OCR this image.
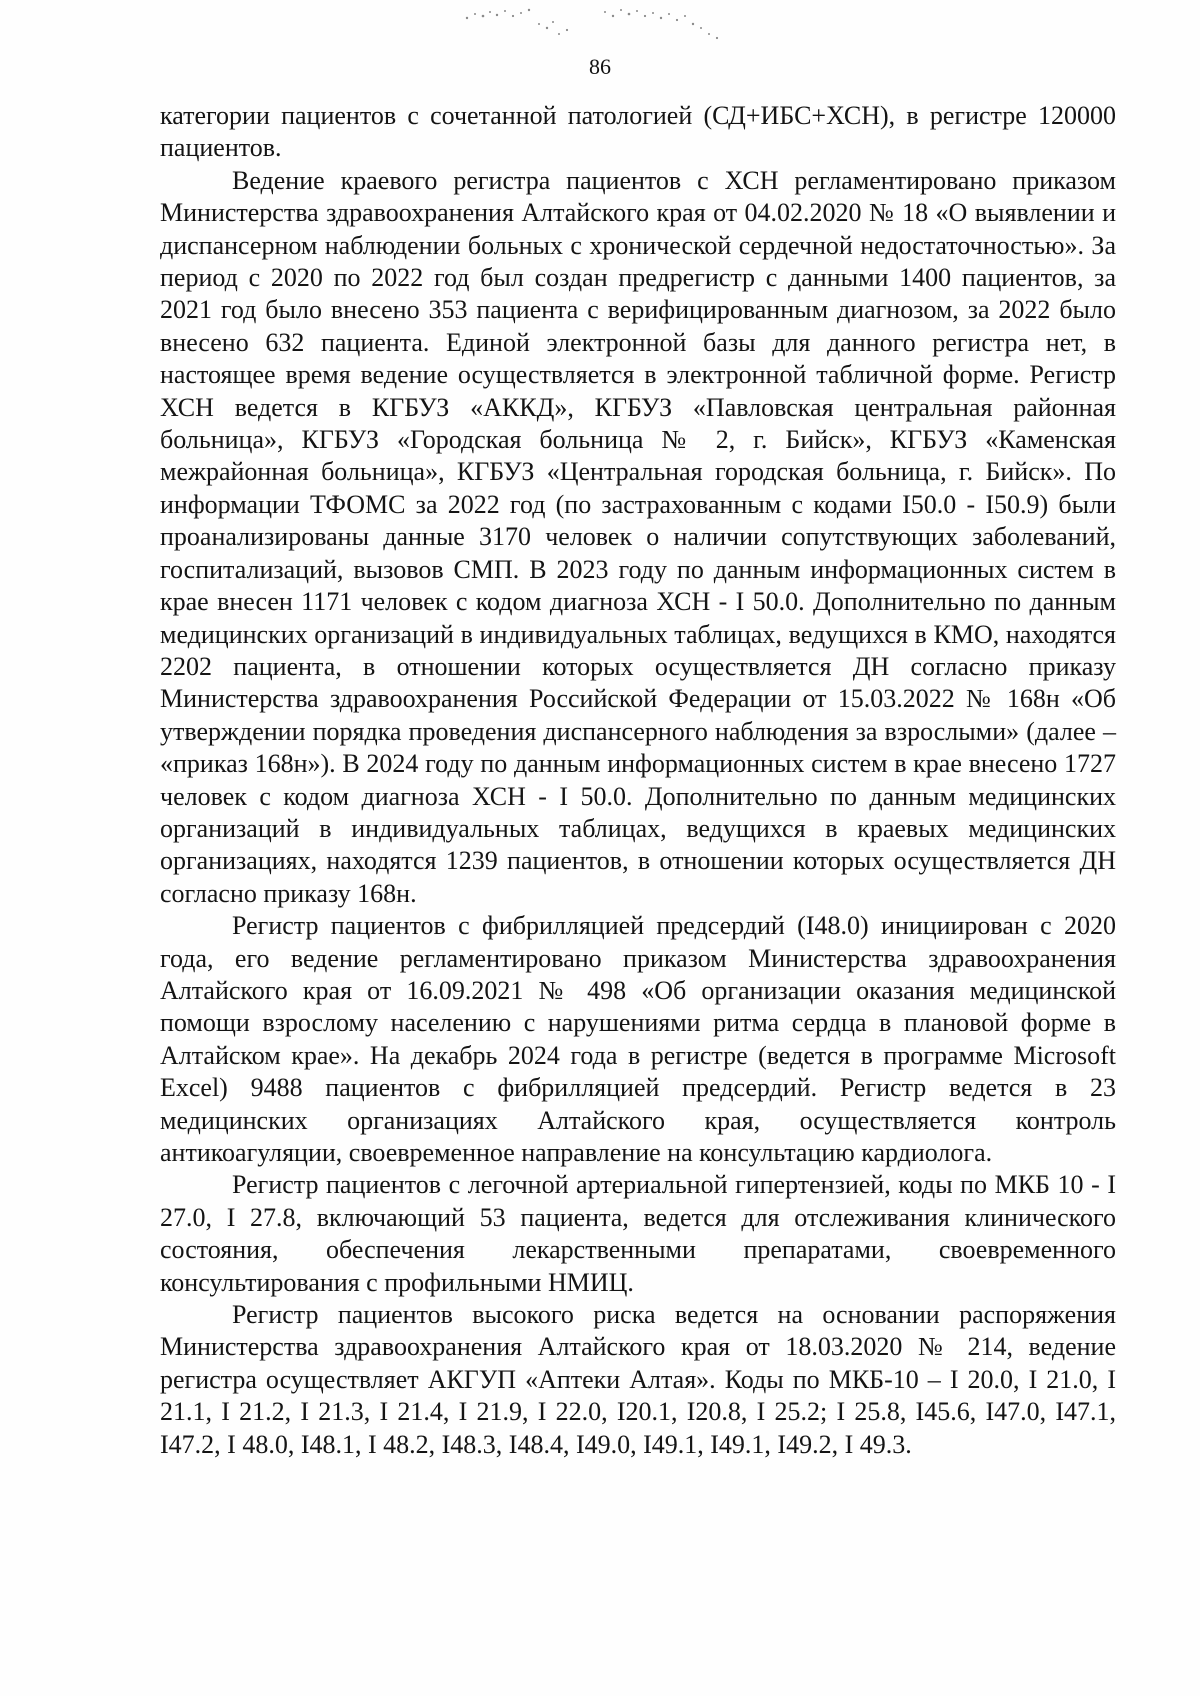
86

категории пациентов с сочетанной патологией (СД+ИБС+ХСН), в регистре 120000 пациентов.

Ведение краевого регистра пациентов с ХСН регламентировано приказом Министерства здравоохранения Алтайского края от 04.02.2020 № 18 «О выявлении и диспансерном наблюдении больных с хронической сердечной недостаточностью». За период с 2020 по 2022 год был создан предрегистр с данными 1400 пациентов, за 2021 год было внесено 353 пациента с верифицированным диагнозом, за 2022 было внесено 632 пациента. Единой электронной базы для данного регистра нет, в настоящее время ведение осуществляется в электронной табличной форме. Регистр ХСН ведется в КГБУЗ «АККД», КГБУЗ «Павловская центральная районная больница», КГБУЗ «Городская больница № 2, г. Бийск», КГБУЗ «Каменская межрайонная больница», КГБУЗ «Центральная городская больница, г. Бийск». По информации ТФОМС за 2022 год (по застрахованным с кодами I50.0 - I50.9) были проанализированы данные 3170 человек о наличии сопутствующих заболеваний, госпитализаций, вызовов СМП. В 2023 году по данным информационных систем в крае внесен 1171 человек с кодом диагноза ХСН - I 50.0. Дополнительно по данным медицинских организаций в индивидуальных таблицах, ведущихся в КМО, находятся 2202 пациента, в отношении которых осуществляется ДН согласно приказу Министерства здравоохранения Российской Федерации от 15.03.2022 № 168н «Об утверждении порядка проведения диспансерного наблюдения за взрослыми» (далее – «приказ 168н»). В 2024 году по данным информационных систем в крае внесено 1727 человек с кодом диагноза ХСН - I 50.0. Дополнительно по данным медицинских организаций в индивидуальных таблицах, ведущихся в краевых медицинских организациях, находятся 1239 пациентов, в отношении которых осуществляется ДН согласно приказу 168н.

Регистр пациентов с фибрилляцией предсердий (I48.0) инициирован с 2020 года, его ведение регламентировано приказом Министерства здравоохранения Алтайского края от 16.09.2021 № 498 «Об организации оказания медицинской помощи взрослому населению с нарушениями ритма сердца в плановой форме в Алтайском крае». На декабрь 2024 года в регистре (ведется в программе Microsoft Excel) 9488 пациентов с фибрилляцией предсердий. Регистр ведется в 23 медицинских организациях Алтайского края, осуществляется контроль антикоагуляции, своевременное направление на консультацию кардиолога.

Регистр пациентов с легочной артериальной гипертензией, коды по МКБ 10 - I 27.0, I 27.8, включающий 53 пациента, ведется для отслеживания клинического состояния, обеспечения лекарственными препаратами, своевременного консультирования с профильными НМИЦ.

Регистр пациентов высокого риска ведется на основании распоряжения Министерства здравоохранения Алтайского края от 18.03.2020 № 214, ведение регистра осуществляет АКГУП «Аптеки Алтая». Коды по МКБ-10 – I 20.0, I 21.0, I 21.1, I 21.2, I 21.3, I 21.4, I 21.9, I 22.0, I20.1, I20.8, I 25.2; I 25.8, I45.6, I47.0, I47.1, I47.2, I 48.0, I48.1, I 48.2, I48.3, I48.4, I49.0, I49.1, I49.1, I49.2, I 49.3.
